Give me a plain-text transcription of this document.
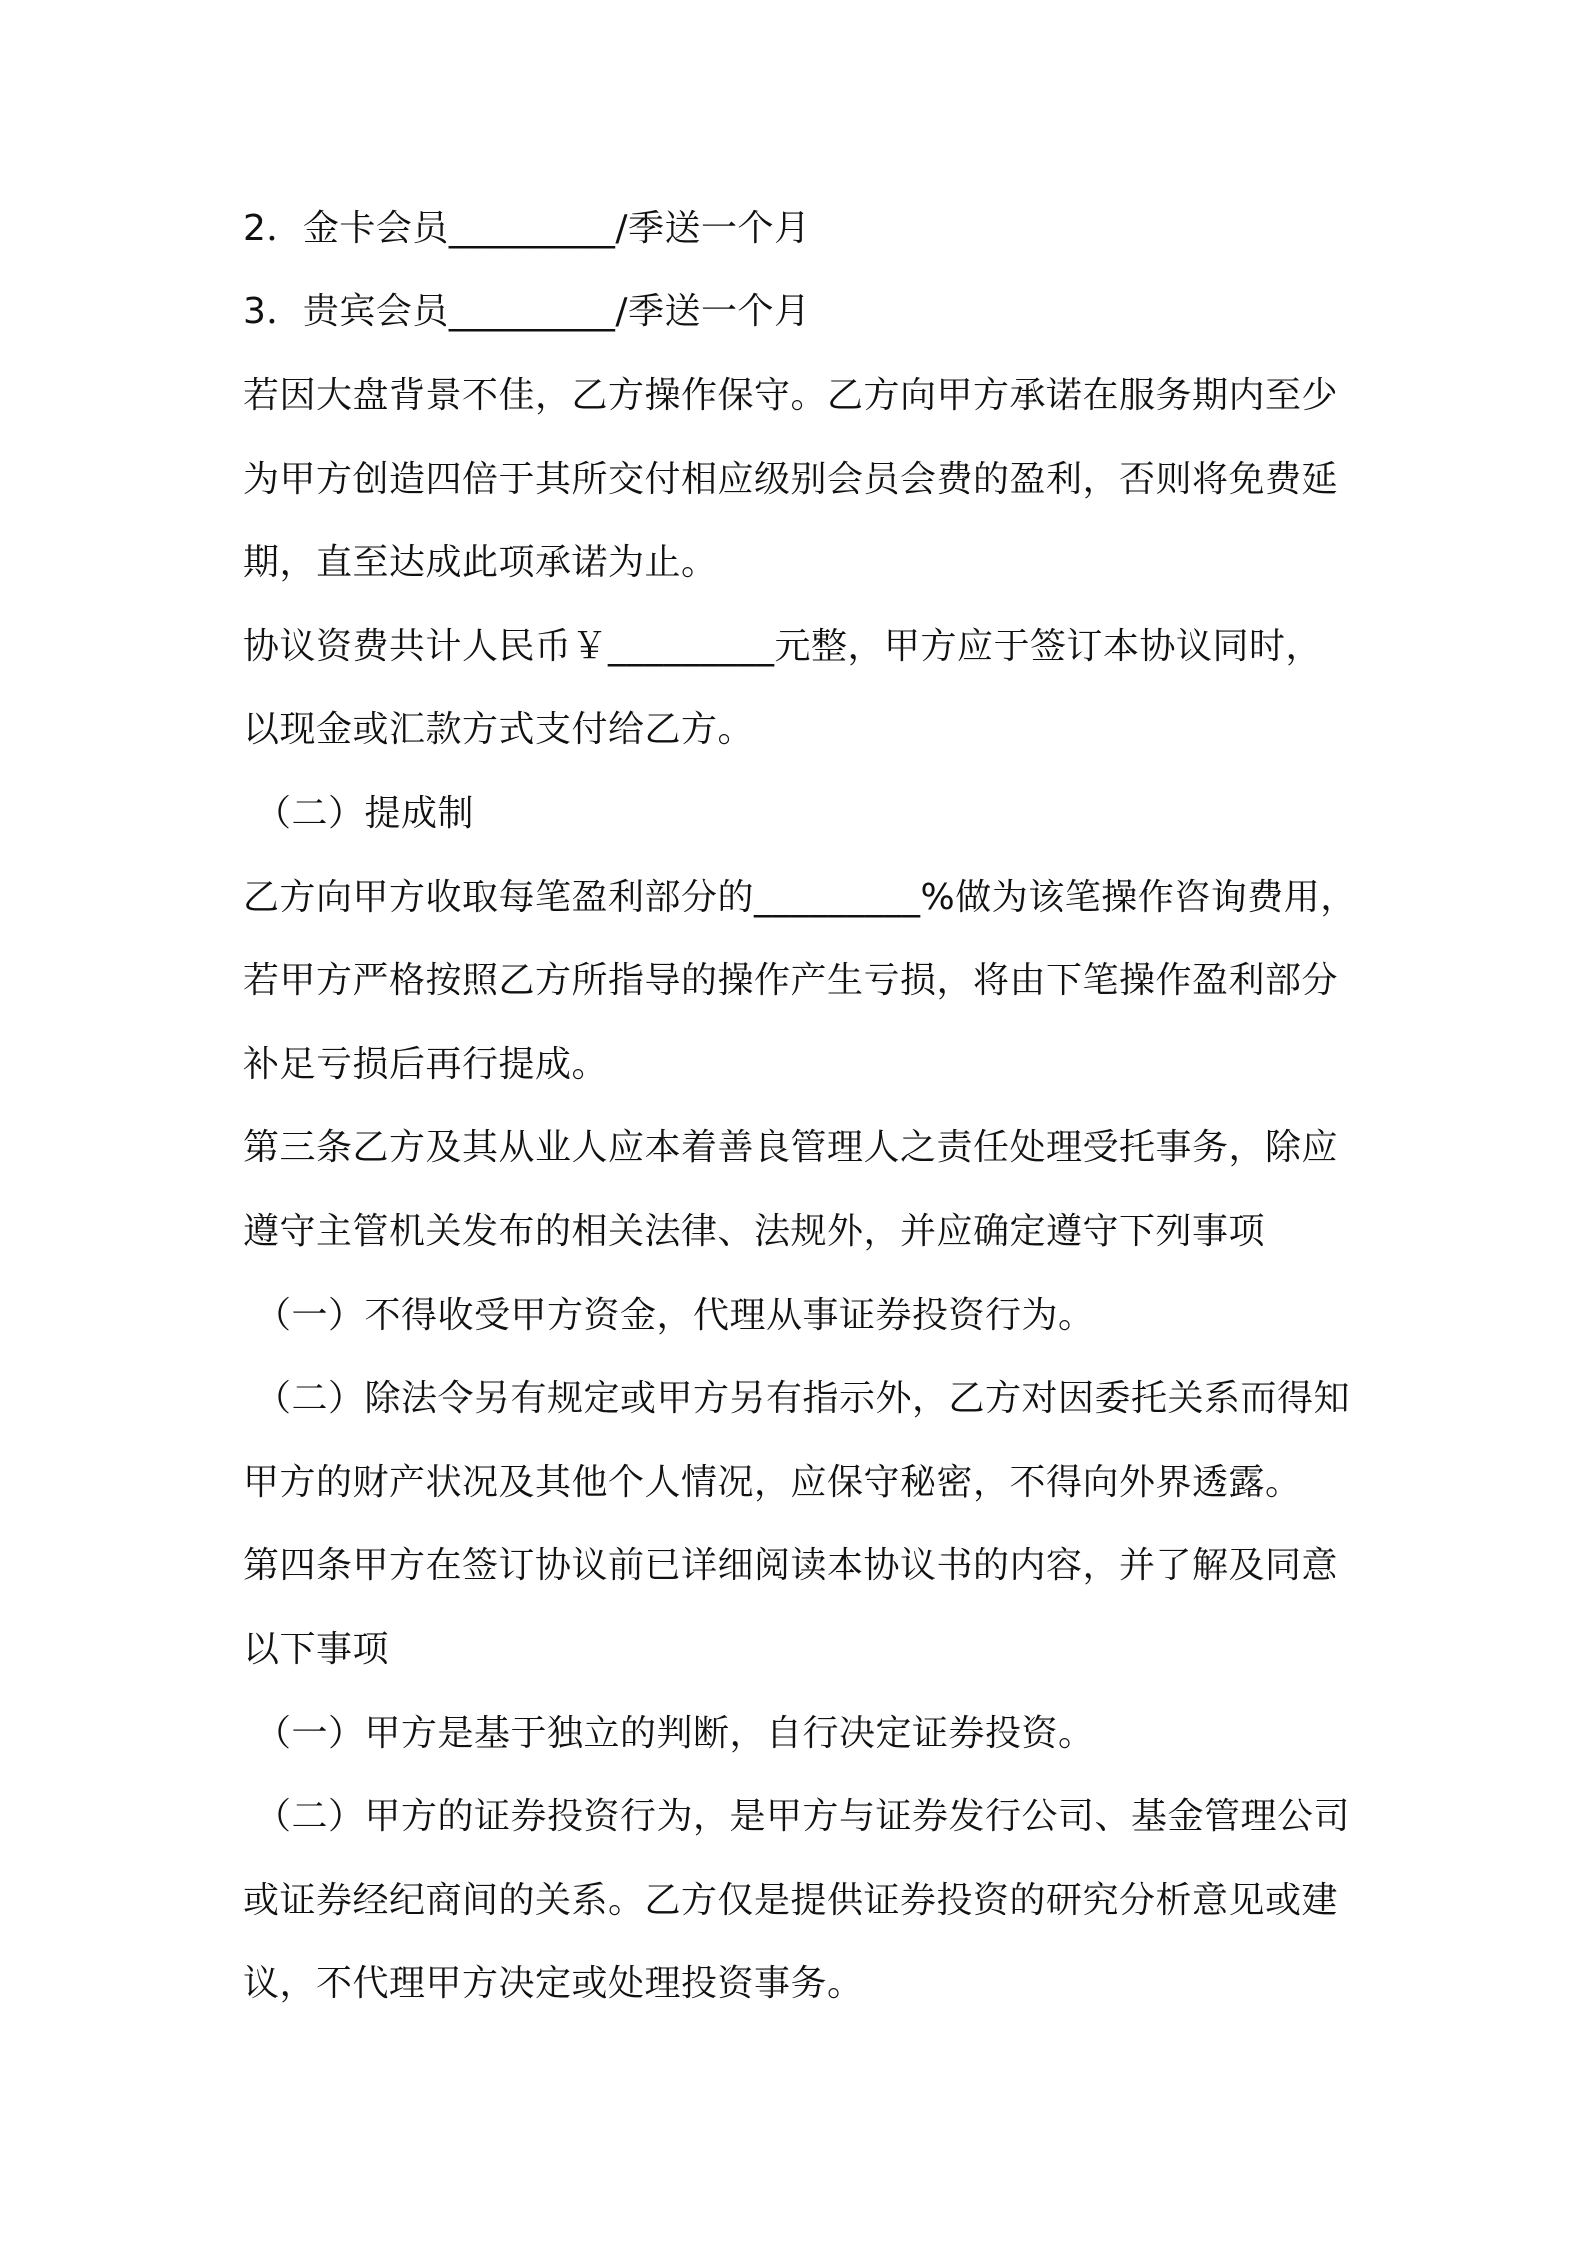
2．金卡会员_________/季送一个月
3．贵宾会员_________/季送一个月
若因大盘背景不佳，乙方操作保守。乙方向甲方承诺在服务期内至少
为甲方创造四倍于其所交付相应级别会员会费的盈利，否则将免费延
期，直至达成此项承诺为止。
协议资费共计人民币￥_________元整，甲方应于签订本协议同时，
以现金或汇款方式支付给乙方。
（二）提成制
乙方向甲方收取每笔盈利部分的_________%做为该笔操作咨询费用，
若甲方严格按照乙方所指导的操作产生亏损，将由下笔操作盈利部分
补足亏损后再行提成。
第三条乙方及其从业人应本着善良管理人之责任处理受托事务，除应
遵守主管机关发布的相关法律、法规外，并应确定遵守下列事项
（一）不得收受甲方资金，代理从事证券投资行为。
（二）除法令另有规定或甲方另有指示外，乙方对因委托关系而得知
甲方的财产状况及其他个人情况，应保守秘密，不得向外界透露。
第四条甲方在签订协议前已详细阅读本协议书的内容，并了解及同意
以下事项
（一）甲方是基于独立的判断，自行决定证券投资。
（二）甲方的证券投资行为，是甲方与证券发行公司、基金管理公司
或证券经纪商间的关系。乙方仅是提供证券投资的研究分析意见或建
议，不代理甲方决定或处理投资事务。
